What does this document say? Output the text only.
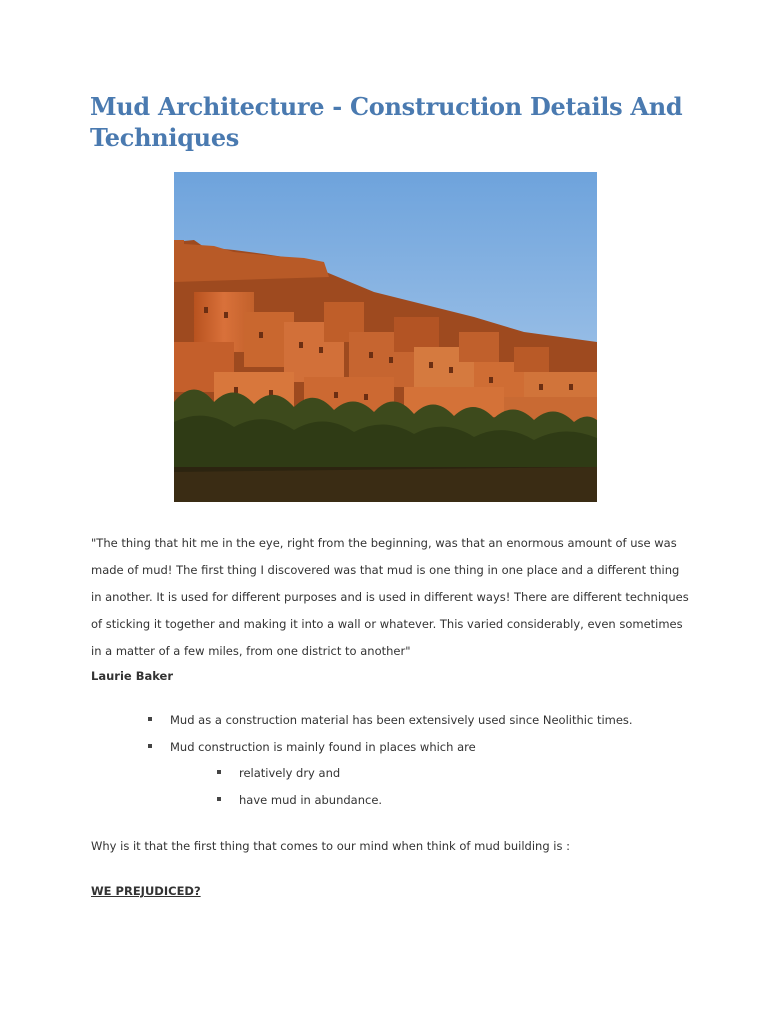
Mud Architecture - Construction Details And Techniques

"The thing that hit me in the eye, right from the beginning, was that an enormous amount of use was made of mud! The first thing I discovered was that mud is one thing in one place and a different thing in another. It is used for different purposes and is used in different ways! There are different techniques of sticking it together and making it into a wall or whatever. This varied considerably, even sometimes in a matter of a few miles, from one district to another"

Laurie Baker

Mud as a construction material has been extensively used since Neolithic times.

Mud construction is mainly found in places which are

relatively dry and

have mud in abundance.

Why is it that the first thing that comes to our mind when think of mud building is :

WE PREJUDICED?
